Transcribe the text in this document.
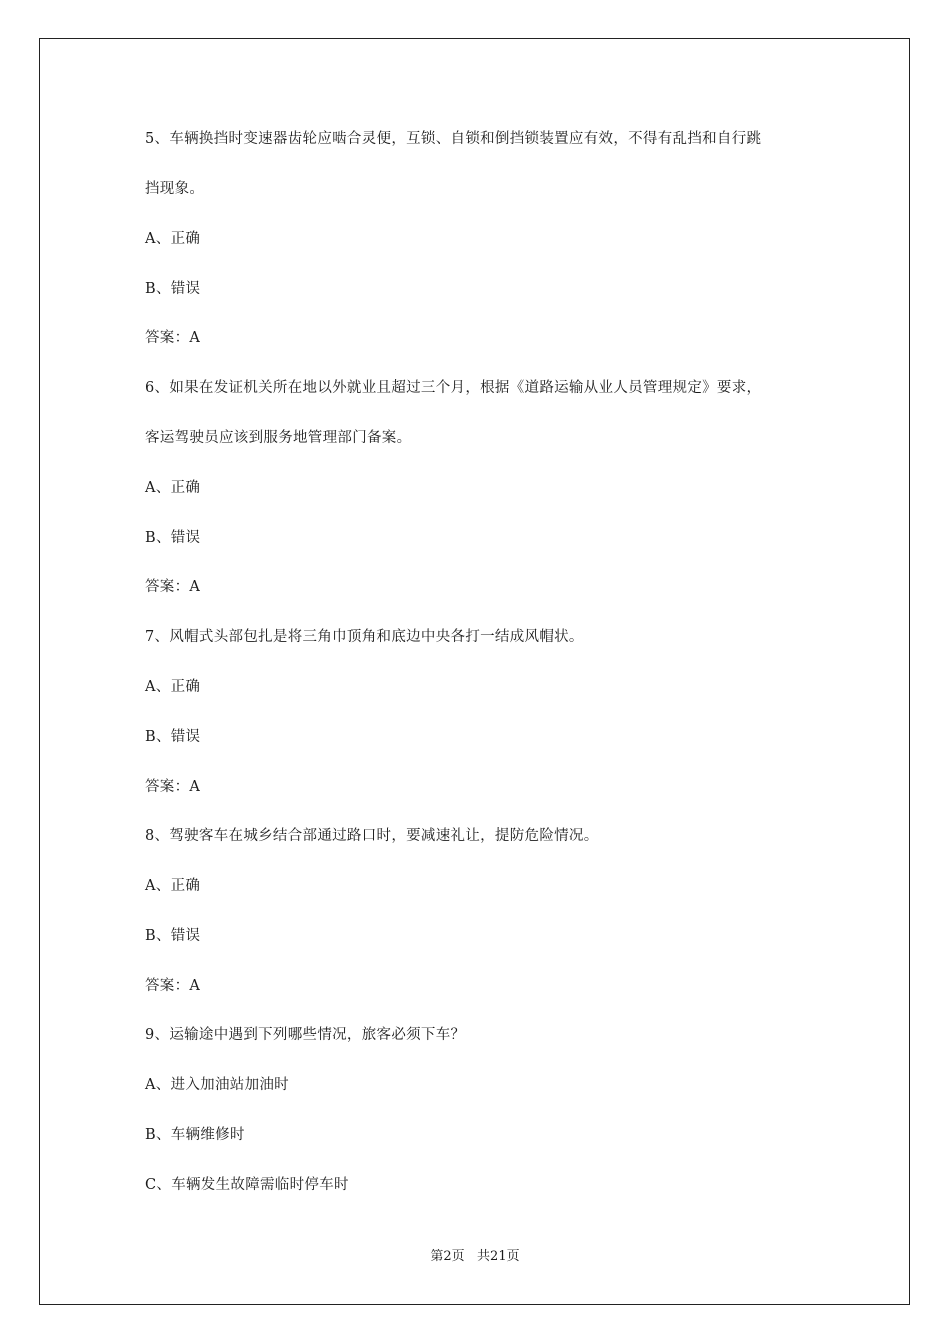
5、车辆换挡时变速器齿轮应啮合灵便，互锁、自锁和倒挡锁装置应有效，不得有乱挡和自行跳
挡现象。
A、正确
B、错误
答案：A
6、如果在发证机关所在地以外就业且超过三个月，根据《道路运输从业人员管理规定》要求，
客运驾驶员应该到服务地管理部门备案。
A、正确
B、错误
答案：A
7、风帽式头部包扎是将三角巾顶角和底边中央各打一结成风帽状。
A、正确
B、错误
答案：A
8、驾驶客车在城乡结合部通过路口时，要减速礼让，提防危险情况。
A、正确
B、错误
答案：A
9、运输途中遇到下列哪些情况，旅客必须下车？
A、进入加油站加油时
B、车辆维修时
C、车辆发生故障需临时停车时
第2页   共21页
